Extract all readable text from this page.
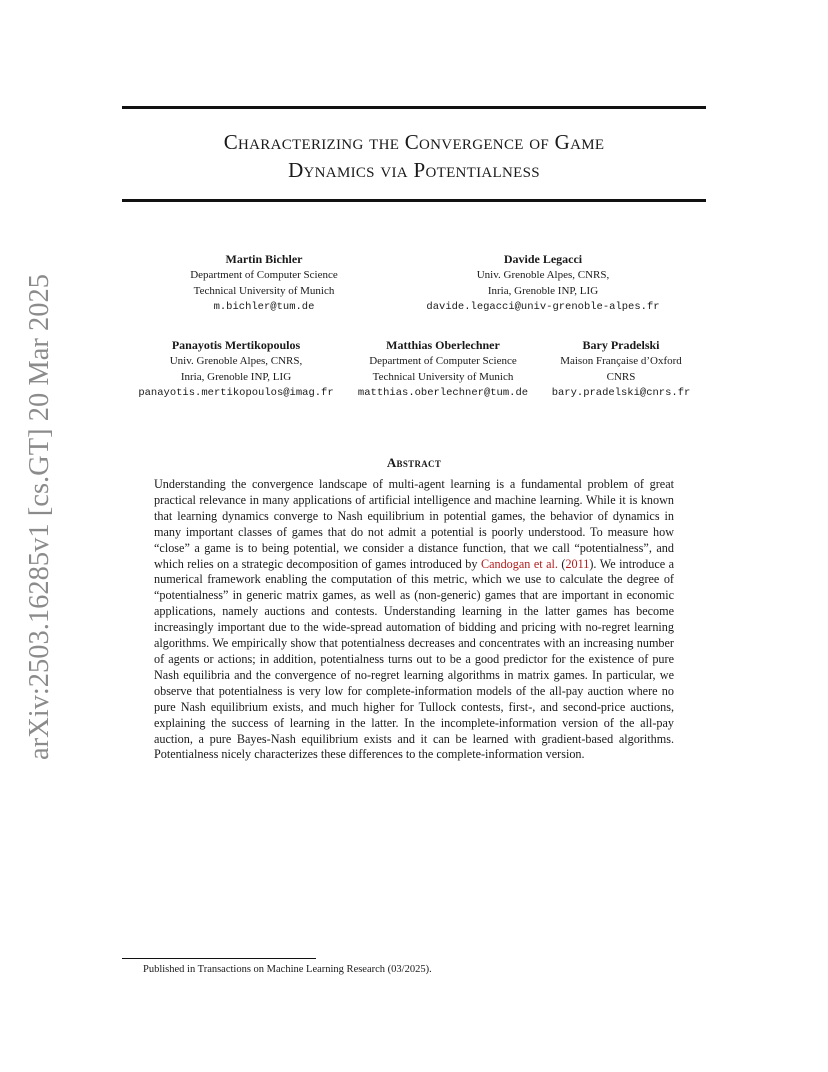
Characterizing the Convergence of Game
Dynamics via Potentialness
arXiv:2503.16285v1 [cs.GT] 20 Mar 2025
Martin Bichler
Department of Computer Science
Technical University of Munich
m.bichler@tum.de
Davide Legacci
Univ. Grenoble Alpes, CNRS,
Inria, Grenoble INP, LIG
davide.legacci@univ-grenoble-alpes.fr
Panayotis Mertikopoulos
Univ. Grenoble Alpes, CNRS,
Inria, Grenoble INP, LIG
panayotis.mertikopoulos@imag.fr
Matthias Oberlechner
Department of Computer Science
Technical University of Munich
matthias.oberlechner@tum.de
Bary Pradelski
Maison Française d’Oxford
CNRS
bary.pradelski@cnrs.fr
Abstract
Understanding the convergence landscape of multi-agent learning is a fundamental problem of great practical relevance in many applications of artificial intelligence and machine learning. While it is known that learning dynamics converge to Nash equilibrium in potential games, the behavior of dynamics in many important classes of games that do not admit a potential is poorly understood. To measure how “close” a game is to being potential, we consider a distance function, that we call “potentialness”, and which relies on a strategic decomposition of games introduced by Candogan et al. (2011). We introduce a numerical framework enabling the computation of this metric, which we use to calculate the degree of “potentialness” in generic matrix games, as well as (non-generic) games that are important in economic applications, namely auctions and contests. Understanding learning in the latter games has become increasingly important due to the wide-spread automation of bidding and pricing with no-regret learning algorithms. We empirically show that potentialness decreases and concentrates with an increasing number of agents or actions; in addition, potentialness turns out to be a good predictor for the existence of pure Nash equilibria and the convergence of no-regret learning algorithms in matrix games. In particular, we observe that potentialness is very low for complete-information models of the all-pay auction where no pure Nash equilibrium exists, and much higher for Tullock contests, first-, and second-price auctions, explaining the success of learning in the latter. In the incomplete-information version of the all-pay auction, a pure Bayes-Nash equilibrium exists and it can be learned with gradient-based algorithms. Potentialness nicely characterizes these differences to the complete-information version.
Published in Transactions on Machine Learning Research (03/2025).
